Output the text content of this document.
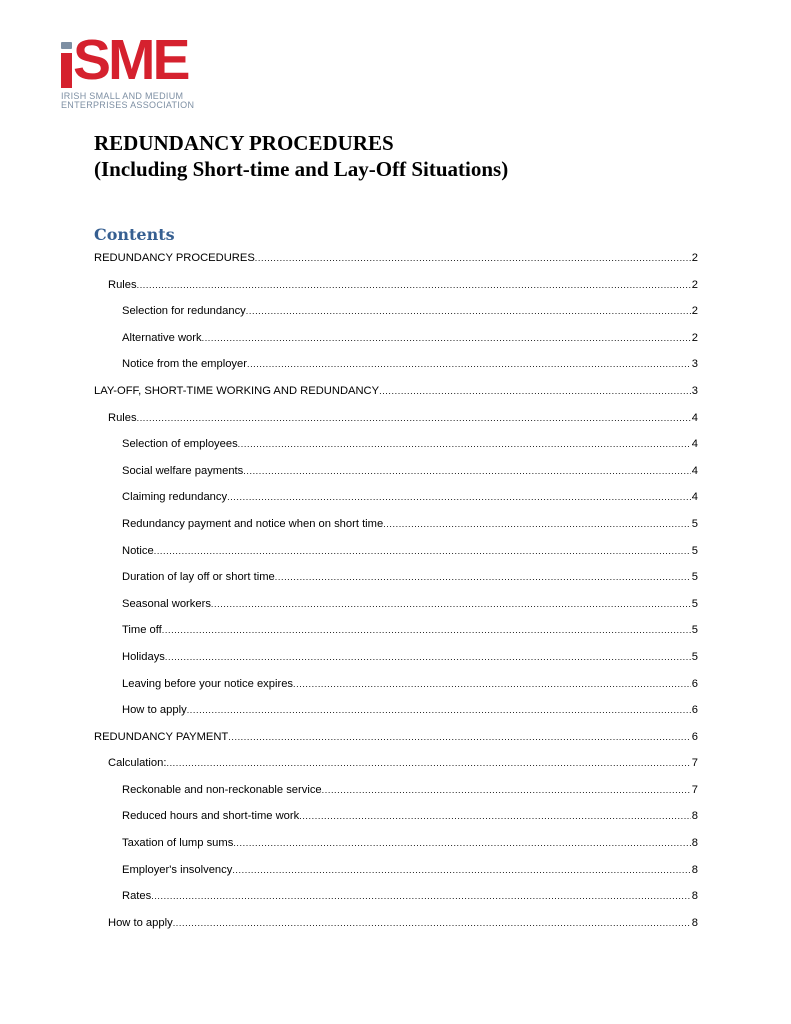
SME
IRISH SMALL AND MEDIUM
ENTERPRISES ASSOCIATION
REDUNDANCY PROCEDURES
(Including Short-time and Lay-Off Situations)
Contents
REDUNDANCY PROCEDURES .....	2
Rules .....	2
Selection for redundancy .....	2
Alternative work .....	2
Notice from the employer .....	3
LAY-OFF, SHORT-TIME WORKING AND REDUNDANCY .....	3
Rules .....	4
Selection of employees .....	4
Social welfare payments .....	4
Claiming redundancy .....	4
Redundancy payment and notice when on short time .....	5
Notice .....	5
Duration of lay off or short time .....	5
Seasonal workers .....	5
Time off .....	5
Holidays .....	5
Leaving before your notice expires .....	6
How to apply .....	6
REDUNDANCY PAYMENT .....	6
Calculation: .....	7
Reckonable and non-reckonable service .....	7
Reduced hours and short-time work .....	8
Taxation of lump sums .....	8
Employer's insolvency .....	8
Rates .....	8
How to apply .....	8
